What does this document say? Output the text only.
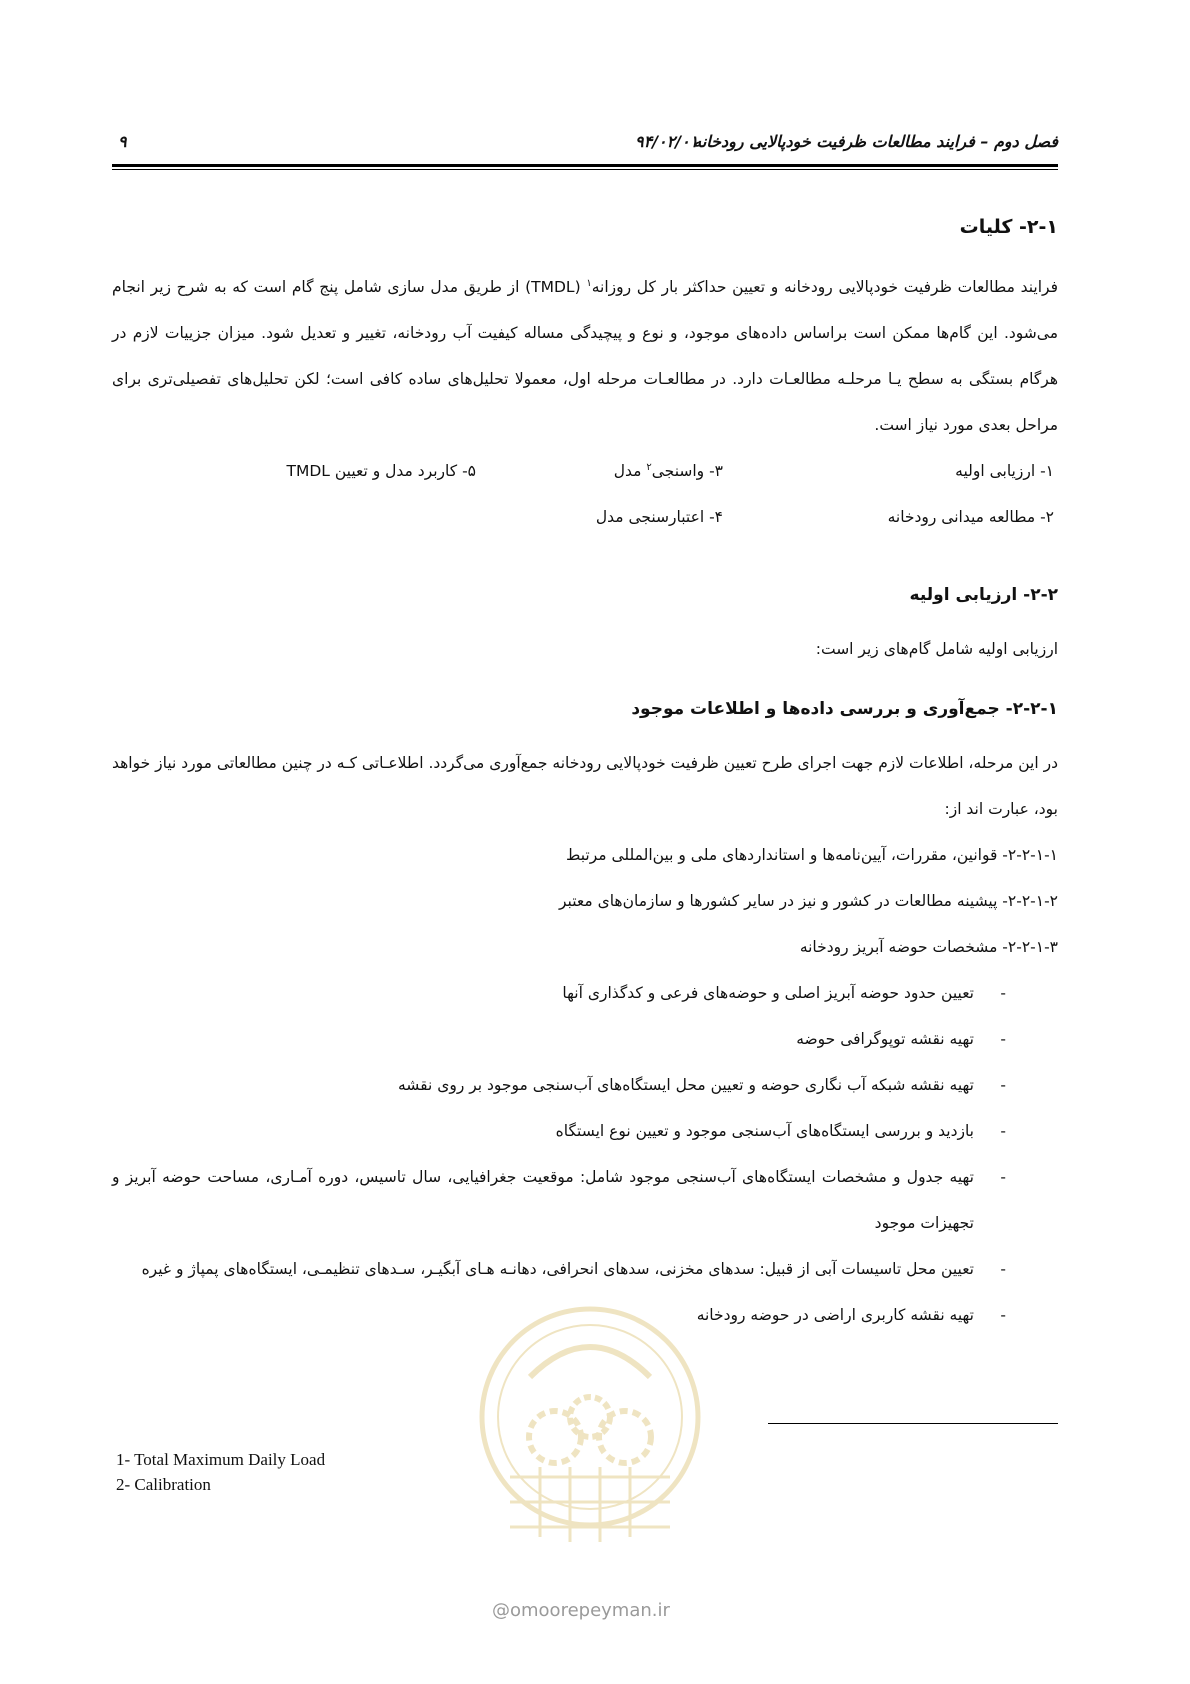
فصل دوم – فرایند مطالعات ظرفیت خودپالایی رودخانه
۹۴/۰۲/۰۱
۹
۲-۱- کلیات

فرایند مطالعات ظرفیت خودپالایی رودخانه و تعیین حداکثر بار کل روزانه$^۱$ (TMDL) از طریق مدل سازی شامل پنج گام است که به شرح زیر انجام می‌شود. این گام‌ها ممکن است براساس داده‌های موجود، و نوع و پیچیدگی مساله کیفیت آب رودخانه، تغییر و تعدیل شود. میزان جزییات لازم در هرگام بستگی به سطح یـا مرحلـه مطالعـات دارد. در مطالعـات مرحله اول، معمولا تحلیل‌های ساده کافی است؛ لکن تحلیل‌های تفصیلی‌تری برای مراحل بعدی مورد نیاز است.

۱- ارزیابی اولیه
۲- مطالعه میدانی رودخانه
۳- واسنجی$^۲$ مدل
۴- اعتبارسنجی مدل
۵- کاربرد مدل و تعیین TMDL
۲-۲- ارزیابی اولیه

ارزیابی اولیه شامل گام‌های زیر است:

۲-۲-۱- جمع‌آوری و بررسی داده‌ها و اطلاعات موجود

در این مرحله، اطلاعات لازم جهت اجرای طرح تعیین ظرفیت خودپالایی رودخانه جمع‌آوری می‌گردد. اطلاعـاتی کـه در چنین مطالعاتی مورد نیاز خواهد بود، عبارت اند از:

۲-۲-۱-۱- قوانین، مقررات، آیین‌نامه‌ها و استانداردهای ملی و بین‌المللی مرتبط

۲-۲-۱-۲- پیشینه مطالعات در کشور و نیز در سایر کشورها و سازمان‌های معتبر

۲-۲-۱-۳- مشخصات حوضه آبریز رودخانه

-
تعیین حدود حوضه آبریز اصلی و حوضه‌های فرعی و کدگذاری آنها
-
تهیه نقشه توپوگرافی حوضه
-
تهیه نقشه شبکه آب نگاری حوضه و تعیین محل ایستگاه‌های آب‌سنجی موجود بر روی نقشه
-
بازدید و بررسی ایستگاه‌های آب‌سنجی موجود و تعیین نوع ایستگاه
-
تهیه جدول و مشخصات ایستگاه‌های آب‌سنجی موجود شامل: موقعیت جغرافیایی، سال تاسیس، دوره آمـاری، مساحت حوضه آبریز و تجهیزات موجود
-
تعیین محل تاسیسات آبی از قبیل: سدهای مخزنی، سدهای انحرافی، دهانـه هـای آبگیـر، سـدهای تنظیمـی، ایستگاه‌های پمپاژ و غیره
-
تهیه نقشه کاربری اراضی در حوضه رودخانه
1- Total Maximum Daily Load
2- Calibration
@omoorepeyman.ir
